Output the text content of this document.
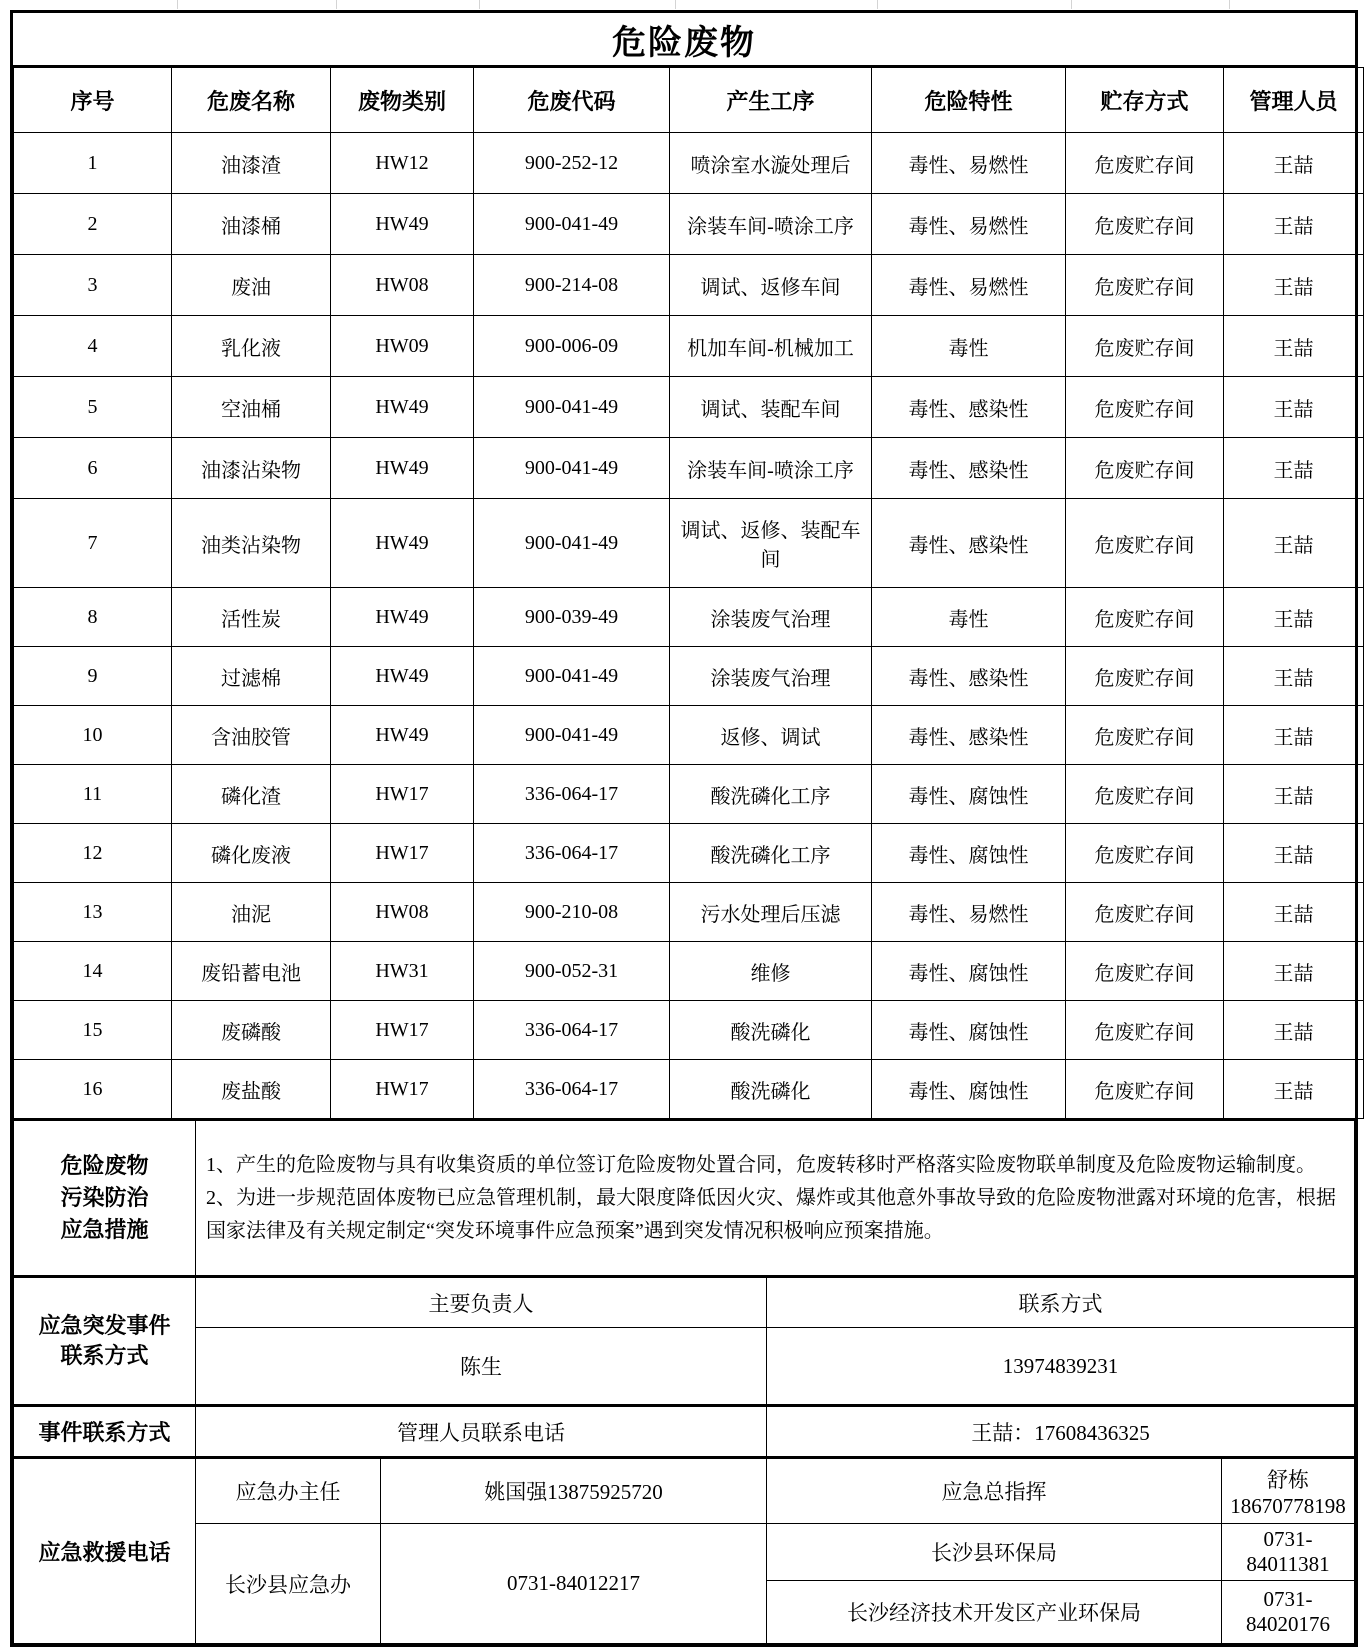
危险废物
序号	危废名称	废物类别	危废代码	产生工序	危险特性	贮存方式	管理人员
1	油漆渣	HW12	900-252-12	喷涂室水漩处理后	毒性、易燃性	危废贮存间	王喆
2	油漆桶	HW49	900-041-49	涂装车间-喷涂工序	毒性、易燃性	危废贮存间	王喆
3	废油	HW08	900-214-08	调试、返修车间	毒性、易燃性	危废贮存间	王喆
4	乳化液	HW09	900-006-09	机加车间-机械加工	毒性	危废贮存间	王喆
5	空油桶	HW49	900-041-49	调试、装配车间	毒性、感染性	危废贮存间	王喆
6	油漆沾染物	HW49	900-041-49	涂装车间-喷涂工序	毒性、感染性	危废贮存间	王喆
7	油类沾染物	HW49	900-041-49	调试、返修、装配车间	毒性、感染性	危废贮存间	王喆
8	活性炭	HW49	900-039-49	涂装废气治理	毒性	危废贮存间	王喆
9	过滤棉	HW49	900-041-49	涂装废气治理	毒性、感染性	危废贮存间	王喆
10	含油胶管	HW49	900-041-49	返修、调试	毒性、感染性	危废贮存间	王喆
11	磷化渣	HW17	336-064-17	酸洗磷化工序	毒性、腐蚀性	危废贮存间	王喆
12	磷化废液	HW17	336-064-17	酸洗磷化工序	毒性、腐蚀性	危废贮存间	王喆
13	油泥	HW08	900-210-08	污水处理后压滤	毒性、易燃性	危废贮存间	王喆
14	废铅蓄电池	HW31	900-052-31	维修	毒性、腐蚀性	危废贮存间	王喆
15	废磷酸	HW17	336-064-17	酸洗磷化	毒性、腐蚀性	危废贮存间	王喆
16	废盐酸	HW17	336-064-17	酸洗磷化	毒性、腐蚀性	危废贮存间	王喆
危险废物污染防治应急措施	
1、产生的危险废物与具有收集资质的单位签订危险废物处置合同，危废转移时严格落实险废物联单制度及危险废物运输制度。
2、为进一步规范固体废物已应急管理机制，最大限度降低因火灾、爆炸或其他意外事故导致的危险废物泄露对环境的危害，根据国家法律及有关规定制定“突发环境事件应急预案”遇到突发情况积极响应预案措施。
应急突发事件联系方式	主要负责人	联系方式
	陈生	13974839231
事件联系方式	管理人员联系电话	王喆：17608436325
应急救援电话	应急办主任	姚国强13875925720	应急总指挥	舒栋18670778198
	长沙县应急办	0731-84012217	长沙县环保局	0731-84011381
			长沙经济技术开发区产业环保局	0731-84020176
